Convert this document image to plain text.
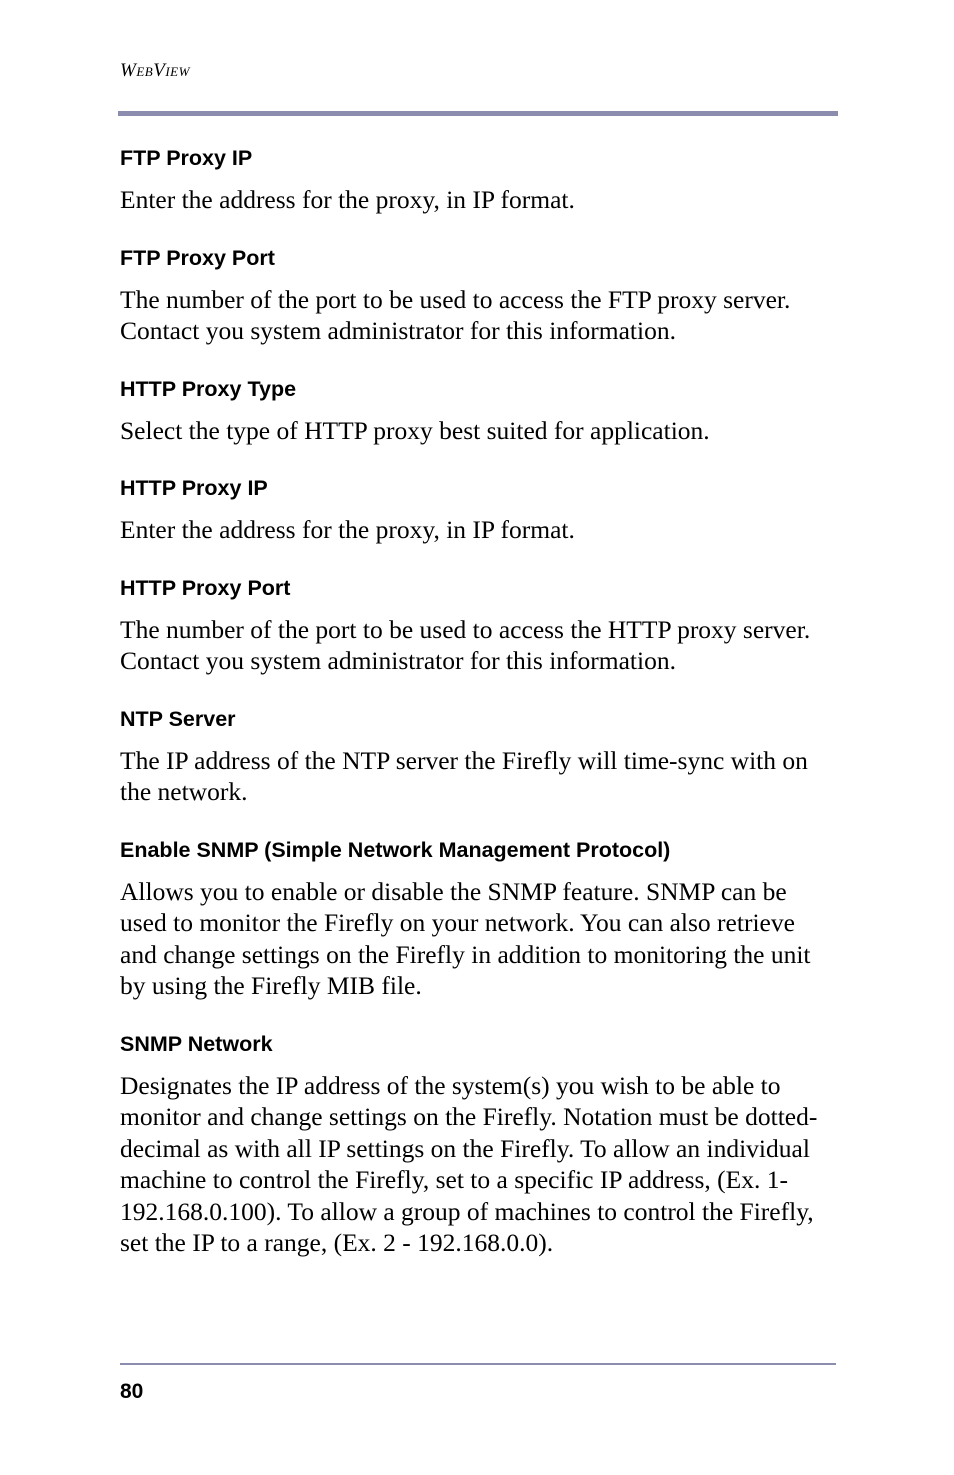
WebView
FTP Proxy IP

Enter the address for the proxy, in IP format.

FTP Proxy Port

The number of the port to be used to access the FTP proxy server. Contact you system administrator for this information.

HTTP Proxy Type

Select the type of HTTP proxy best suited for application.

HTTP Proxy IP

Enter the address for the proxy, in IP format.

HTTP Proxy Port

The number of the port to be used to access the HTTP proxy server. Contact you system administrator for this information.

NTP Server

The IP address of the NTP server the Firefly will time-sync with on the network.

Enable SNMP (Simple Network Management Protocol)

Allows you to enable or disable the SNMP feature. SNMP can be used to monitor the Firefly on your network. You can also retrieve and change settings on the Firefly in addition to monitoring the unit by using the Firefly MIB file.

SNMP Network

Designates the IP address of the system(s) you wish to be able to monitor and change settings on the Firefly. Notation must be dotted-decimal as with all IP settings on the Firefly. To allow an individual machine to control the Firefly, set to a specific IP address, (Ex. 1- 192.168.0.100). To allow a group of machines to control the Firefly, set the IP to a range, (Ex. 2 - 192.168.0.0).

80
